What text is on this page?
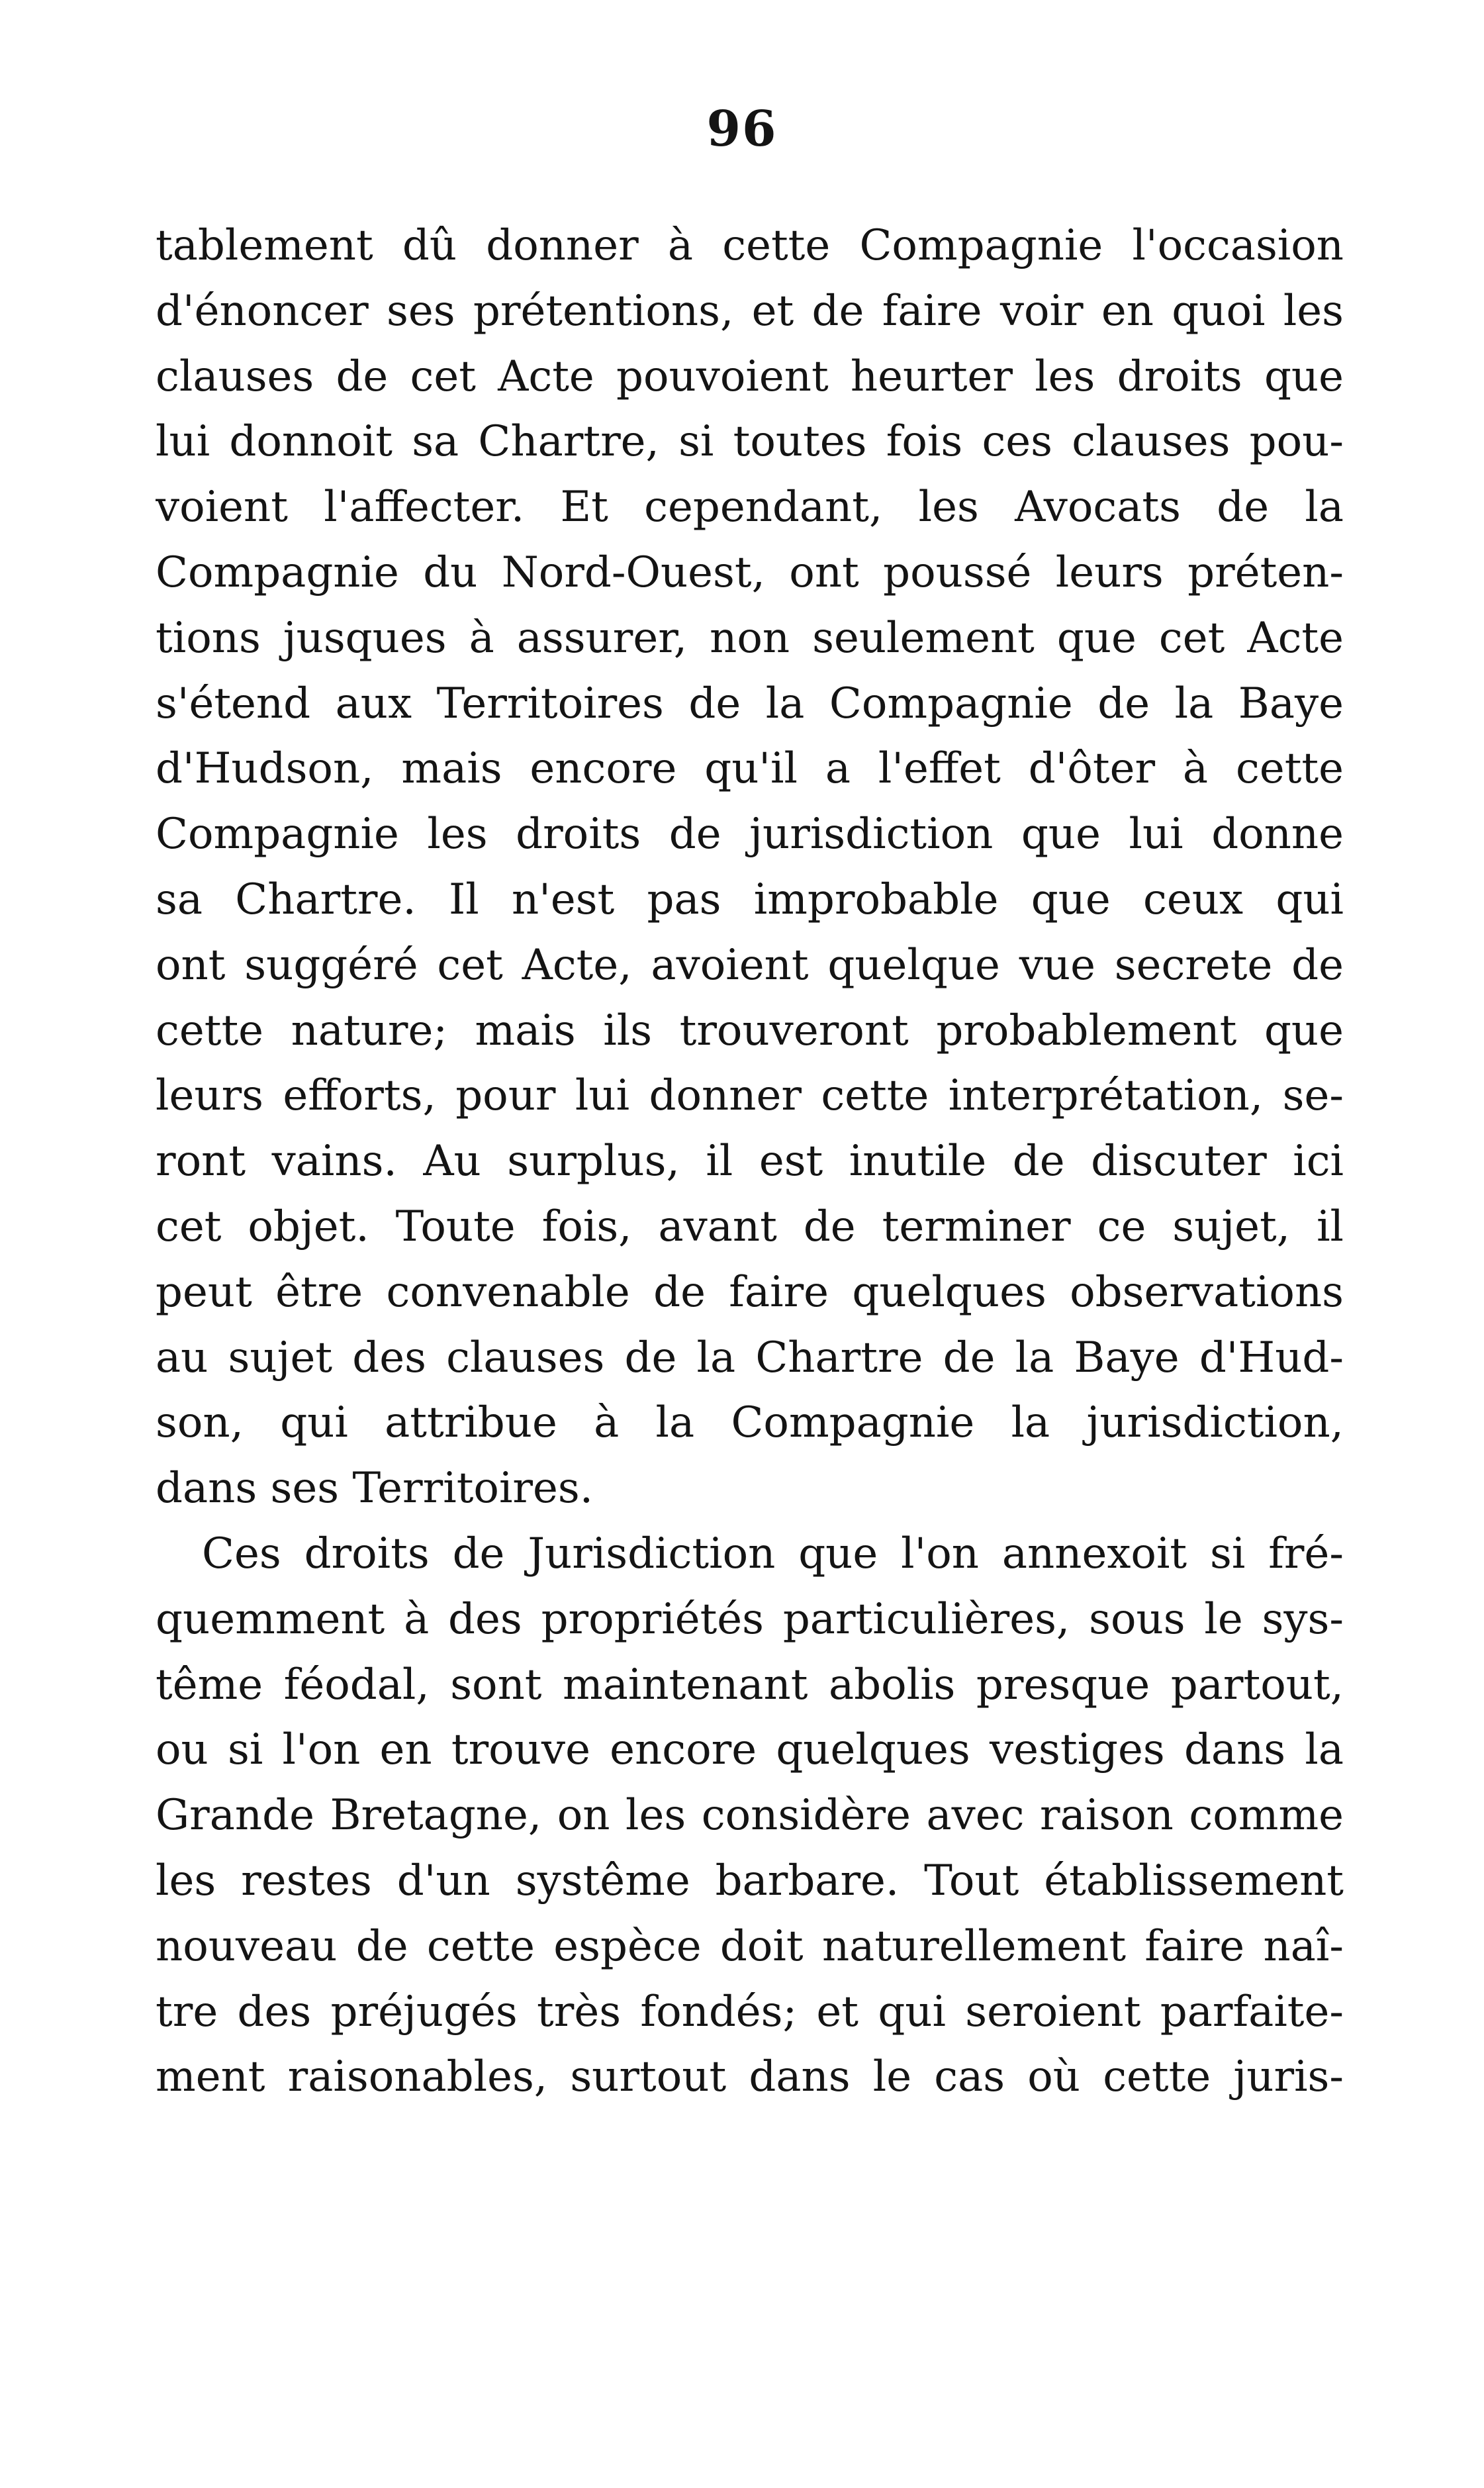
96
tablement dû donner à cette Compagnie l'occasion
d'énoncer ses prétentions, et de faire voir en quoi les
clauses de cet Acte pouvoient heurter les droits que
lui donnoit sa Chartre, si toutes fois ces clauses pou-
voient l'affecter. Et cependant, les Avocats de la
Compagnie du Nord-Ouest, ont poussé leurs préten-
tions jusques à assurer, non seulement que cet Acte
s'étend aux Territoires de la Compagnie de la Baye
d'Hudson, mais encore qu'il a l'effet d'ôter à cette
Compagnie les droits de jurisdiction que lui donne
sa Chartre. Il n'est pas improbable que ceux qui
ont suggéré cet Acte, avoient quelque vue secrete de
cette nature; mais ils trouveront probablement que
leurs efforts, pour lui donner cette interprétation, se-
ront vains. Au surplus, il est inutile de discuter ici
cet objet. Toute fois, avant de terminer ce sujet, il
peut être convenable de faire quelques observations
au sujet des clauses de la Chartre de la Baye d'Hud-
son, qui attribue à la Compagnie la jurisdiction,
dans ses Territoires.
Ces droits de Jurisdiction que l'on annexoit si fré-
quemment à des propriétés particulières, sous le sys-
tême féodal, sont maintenant abolis presque partout,
ou si l'on en trouve encore quelques vestiges dans la
Grande Bretagne, on les considère avec raison comme
les restes d'un systême barbare. Tout établissement
nouveau de cette espèce doit naturellement faire naî-
tre des préjugés très fondés; et qui seroient parfaite-
ment raisonables, surtout dans le cas où cette juris-
